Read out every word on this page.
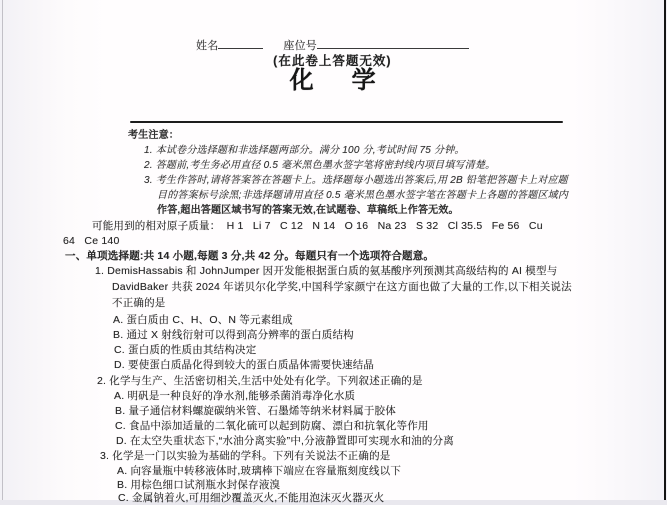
姓名	座位号
(在此卷上答题无效)
化 学
考生注意：
1. 本试卷分选择题和非选择题两部分。满分 100 分,考试时间 75 分钟。
2. 答题前,考生务必用直径 0.5 毫米黑色墨水签字笔将密封线内项目填写清楚。
3. 考生作答时,请将答案答在答题卡上。选择题每小题选出答案后,用 2B 铅笔把答题卡上对应题
目的答案标号涂黑;非选择题请用直径 0.5 毫米黑色墨水签字笔在答题卡上各题的答题区域内
作答,超出答题区域书写的答案无效,在试题卷、草稿纸上作答无效。
可能用到的相对原子质量：  H 1   Li 7   C 12   N 14   O 16   Na 23   S 32   Cl 35.5   Fe 56   Cu
64   Ce 140
一、单项选择题:共 14 小题,每题 3 分,共 42 分。每题只有一个选项符合题意。
1. DemisHassabis 和 JohnJumper 因开发能根据蛋白质的氨基酸序列预测其高级结构的 AI 模型与
DavidBaker 共获 2024 年诺贝尔化学奖,中国科学家颜宁在这方面也做了大量的工作,以下相关说法
不正确的是
A. 蛋白质由 C、H、O、N 等元素组成
B. 通过 X 射线衍射可以得到高分辨率的蛋白质结构
C. 蛋白质的性质由其结构决定
D. 要使蛋白质晶化得到较大的蛋白质晶体需要快速结晶
2. 化学与生产、生活密切相关,生活中处处有化学。下列叙述正确的是
A. 明矾是一种良好的净水剂,能够杀菌消毒净化水质
B. 量子通信材料螺旋碳纳米管、石墨烯等纳米材料属于胶体
C. 食品中添加适量的二氧化硫可以起到防腐、漂白和抗氧化等作用
D. 在太空失重状态下,“水油分离实验”中,分液静置即可实现水和油的分离
3. 化学是一门以实验为基础的学科。下列有关说法不正确的是
A. 向容量瓶中转移液体时,玻璃棒下端应在容量瓶刻度线以下
B. 用棕色细口试剂瓶水封保存液溴
C. 金属钠着火,可用细沙覆盖灭火,不能用泡沫灭火器灭火
